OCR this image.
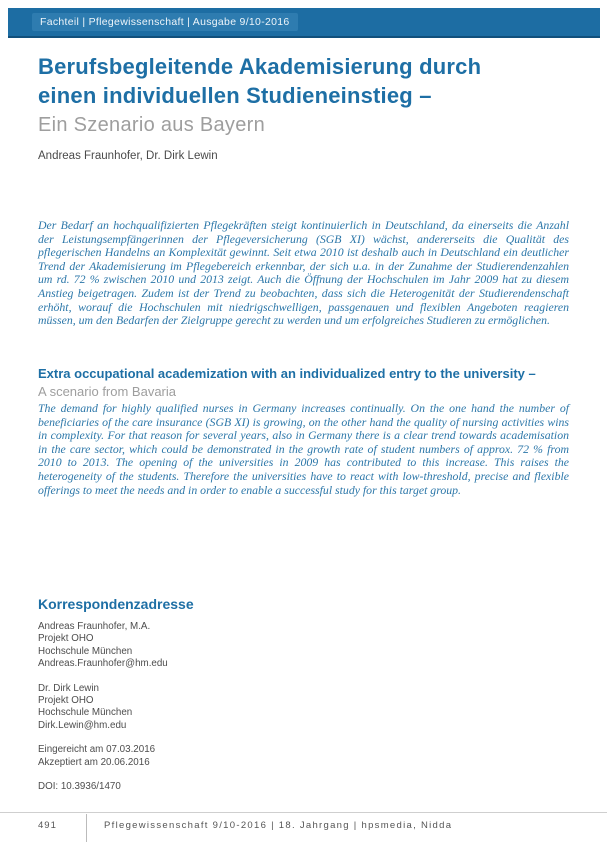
Fachteil | Pflegewissenschaft | Ausgabe 9/10-2016
Berufsbegleitende Akademisierung durch
einen individuellen Studieneinstieg –
Ein Szenario aus Bayern
Andreas Fraunhofer, Dr. Dirk Lewin
Der Bedarf an hochqualifizierten Pflegekräften steigt kontinuierlich in Deutschland, da einerseits die Anzahl der Leistungsempfängerinnen der Pflegeversicherung (SGB XI) wächst, andererseits die Qualität des pflegerischen Handelns an Komplexität gewinnt. Seit etwa 2010 ist deshalb auch in Deutschland ein deutlicher Trend der Akademisierung im Pflegebereich erkennbar, der sich u.a. in der Zunahme der Studierendenzahlen um rd. 72 % zwischen 2010 und 2013 zeigt. Auch die Öffnung der Hochschulen im Jahr 2009 hat zu diesem Anstieg beigetragen. Zudem ist der Trend zu beobachten, dass sich die Heterogenität der Studierendenschaft erhöht, worauf die Hochschulen mit niedrigschwelligen, passgenauen und flexiblen Angeboten reagieren müssen, um den Bedarfen der Zielgruppe gerecht zu werden und um erfolgreiches Studieren zu ermöglichen.
Extra occupational academization with an individualized entry to the university –
A scenario from Bavaria
The demand for highly qualified nurses in Germany increases continually. On the one hand the number of beneficiaries of the care insurance (SGB XI) is growing, on the other hand the quality of nursing activities wins in complexity. For that reason for several years, also in Germany there is a clear trend towards academisation in the care sector, which could be demonstrated in the growth rate of student numbers of approx. 72 % from 2010 to 2013. The opening of the universities in 2009 has contributed to this increase. This raises the heterogeneity of the students. Therefore the universities have to react with low-threshold, precise and flexible offerings to meet the needs and in order to enable a successful study for this target group.
Korrespondenzadresse
Andreas Fraunhofer, M.A.
Projekt OHO
Hochschule München
Andreas.Fraunhofer@hm.edu
Dr. Dirk Lewin
Projekt OHO
Hochschule München
Dirk.Lewin@hm.edu
Eingereicht am 07.03.2016
Akzeptiert am 20.06.2016
DOI: 10.3936/1470
491	Pflegewissenschaft 9/10-2016 | 18. Jahrgang | hpsmedia, Nidda
